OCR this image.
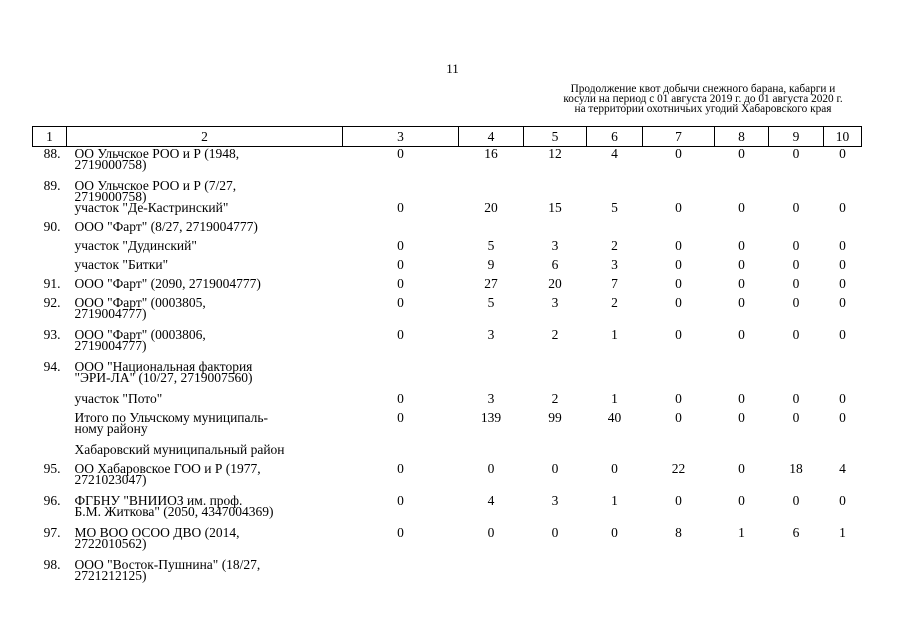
11
Продолжение квот добычи снежного барана, кабарги и
косули на период с 01 августа 2019 г. до 01 августа 2020 г.
на территории охотничьих угодий Хабаровского края
1	2	3	4	5	6	7	8	9	10
88.	ОО Ульчское РОО и Р (1948,
2719000758)	0	16	12	4	0	0	0	0
89.	ОО Ульчское РОО и Р (7/27,
2719000758)								

	участок "Де-Кастринский"	0	20	15	5	0	0	0	0
90.	ООО "Фарт" (8/27, 2719004777)								

	участок "Дудинский"	0	5	3	2	0	0	0	0

	участок "Битки"	0	9	6	3	0	0	0	0
91.	ООО "Фарт" (2090, 2719004777)	0	27	20	7	0	0	0	0
92.	ООО "Фарт" (0003805,
2719004777)	0	5	3	2	0	0	0	0
93.	ООО "Фарт" (0003806,
2719004777)	0	3	2	1	0	0	0	0
94.	ООО "Национальная фактория
"ЭРИ-ЛА" (10/27, 2719007560)								

	участок "Пото"	0	3	2	1	0	0	0	0

	Итого по Ульчскому муниципаль-
ному району	0	139	99	40	0	0	0	0

	Хабаровский муниципальный район								

95.	ОО Хабаровское ГОО и Р (1977,
2721023047)	0	0	0	0	22	0	18	4
96.	ФГБНУ "ВНИИОЗ им. проф.
Б.М. Житкова" (2050, 4347004369)	0	4	3	1	0	0	0	0
97.	МО ВОО ОСОО ДВО (2014,
2722010562)	0	0	0	0	8	1	6	1
98.	ООО "Восток-Пушнина" (18/27,
2721212125)								
